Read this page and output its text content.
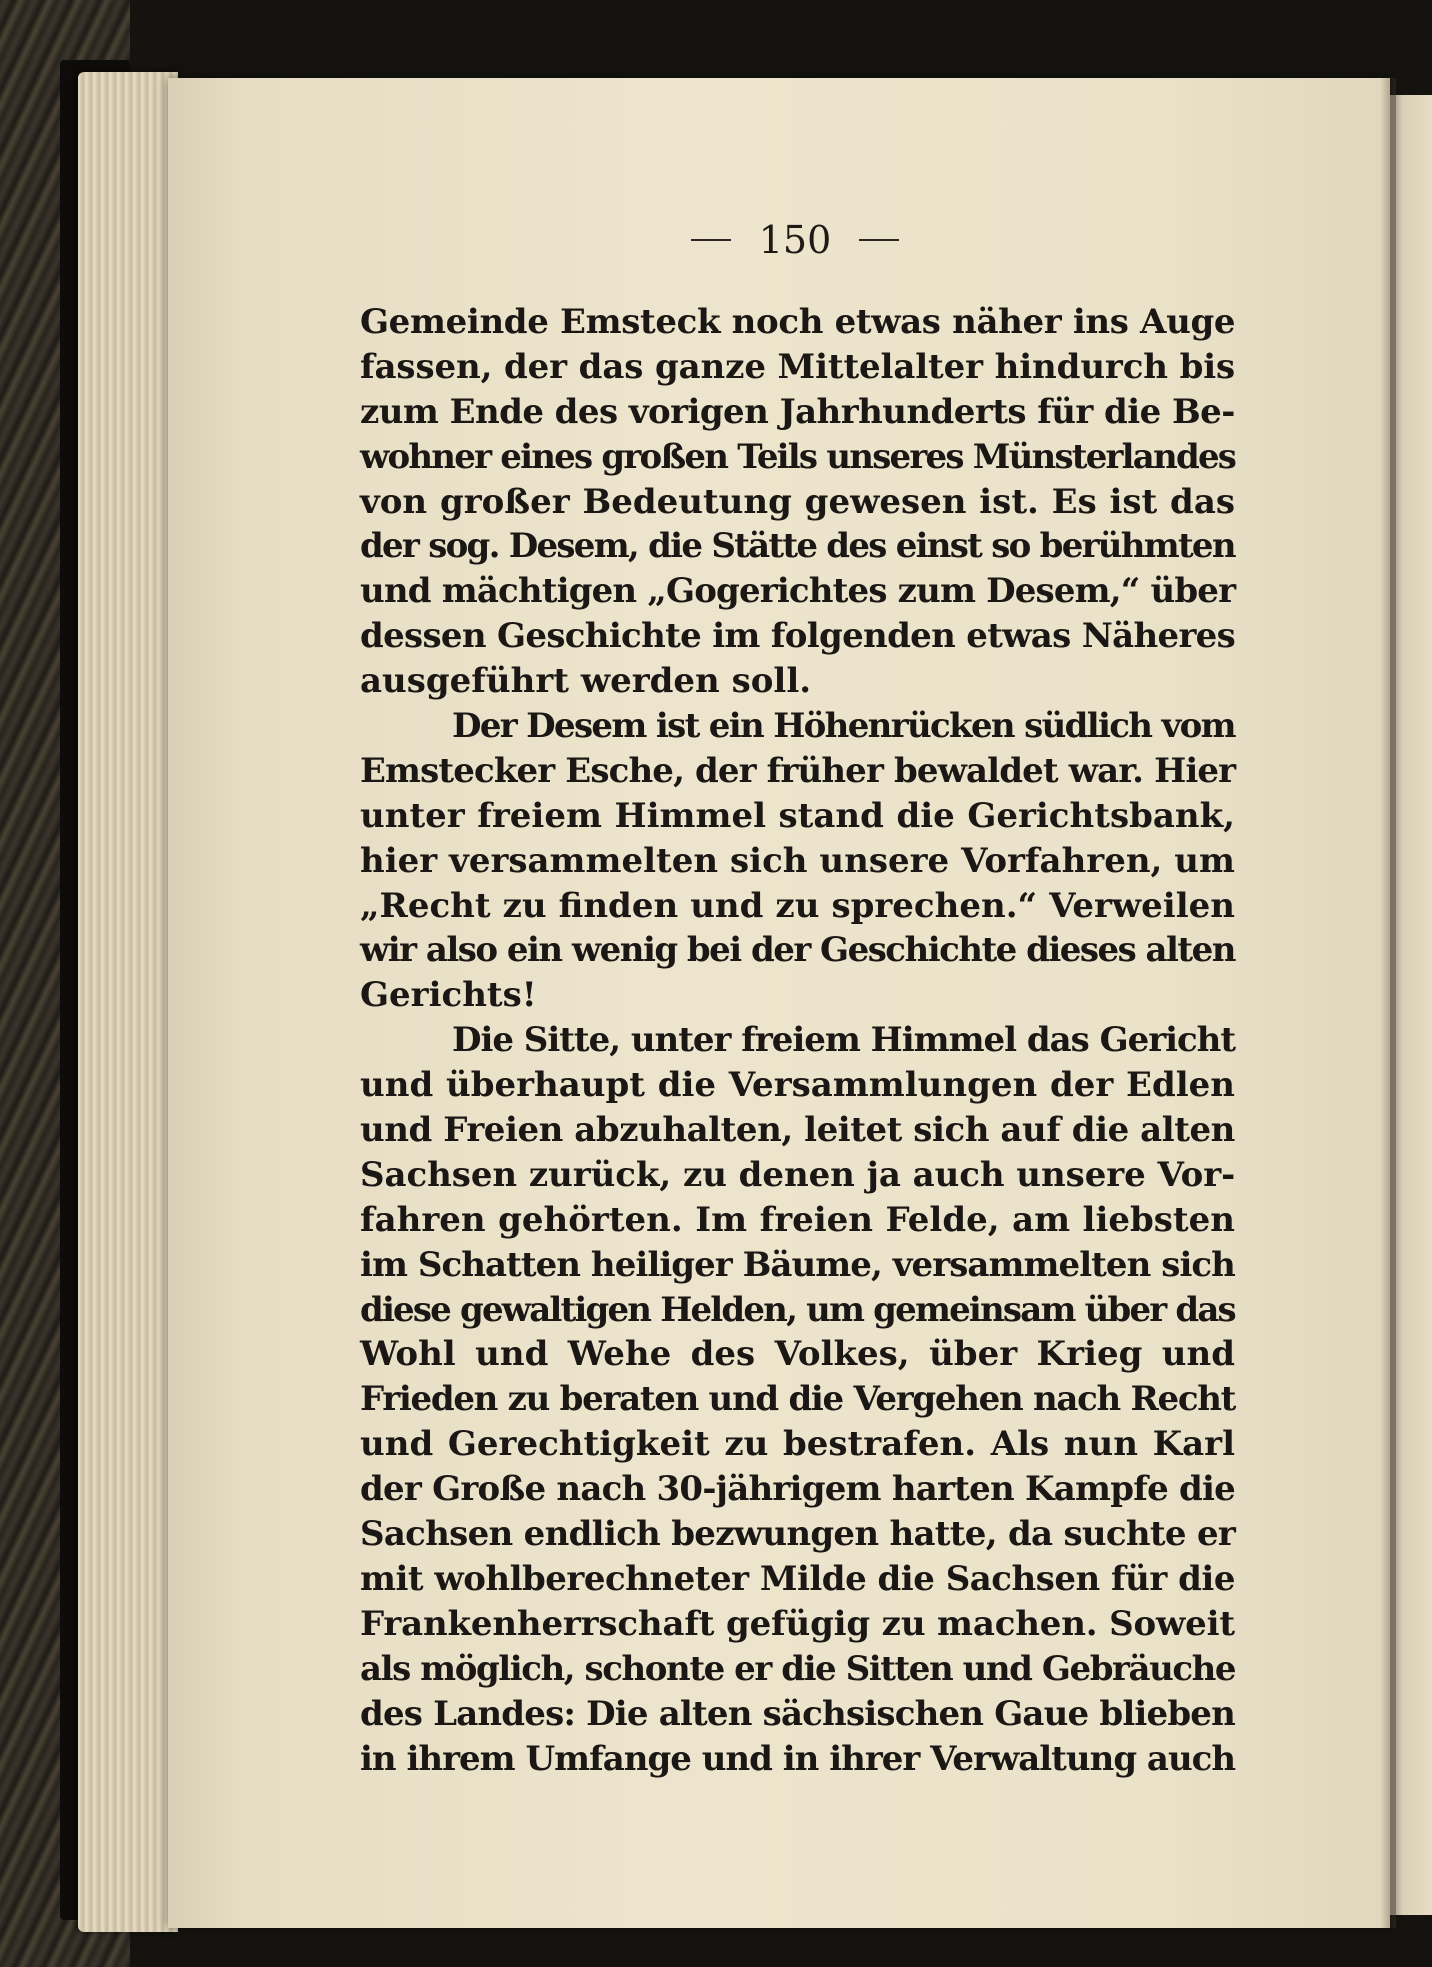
150
Gemeinde Emsteck noch etwas näher ins Auge
fassen, der das ganze Mittelalter hindurch bis
zum Ende des vorigen Jahrhunderts für die Be-
wohner eines großen Teils unseres Münsterlandes
von großer Bedeutung gewesen ist. Es ist das
der sog. Desem, die Stätte des einst so berühmten
und mächtigen „Gogerichtes zum Desem,“ über
dessen Geschichte im folgenden etwas Näheres
ausgeführt werden soll.
Der Desem ist ein Höhenrücken südlich vom
Emstecker Esche, der früher bewaldet war. Hier
unter freiem Himmel stand die Gerichtsbank,
hier versammelten sich unsere Vorfahren, um
„Recht zu finden und zu sprechen.“ Verweilen
wir also ein wenig bei der Geschichte dieses alten
Gerichts!
Die Sitte, unter freiem Himmel das Gericht
und überhaupt die Versammlungen der Edlen
und Freien abzuhalten, leitet sich auf die alten
Sachsen zurück, zu denen ja auch unsere Vor-
fahren gehörten. Im freien Felde, am liebsten
im Schatten heiliger Bäume, versammelten sich
diese gewaltigen Helden, um gemeinsam über das
Wohl und Wehe des Volkes, über Krieg und
Frieden zu beraten und die Vergehen nach Recht
und Gerechtigkeit zu bestrafen. Als nun Karl
der Große nach 30-jährigem harten Kampfe die
Sachsen endlich bezwungen hatte, da suchte er
mit wohlberechneter Milde die Sachsen für die
Frankenherrschaft gefügig zu machen. Soweit
als möglich, schonte er die Sitten und Gebräuche
des Landes: Die alten sächsischen Gaue blieben
in ihrem Umfange und in ihrer Verwaltung auch
